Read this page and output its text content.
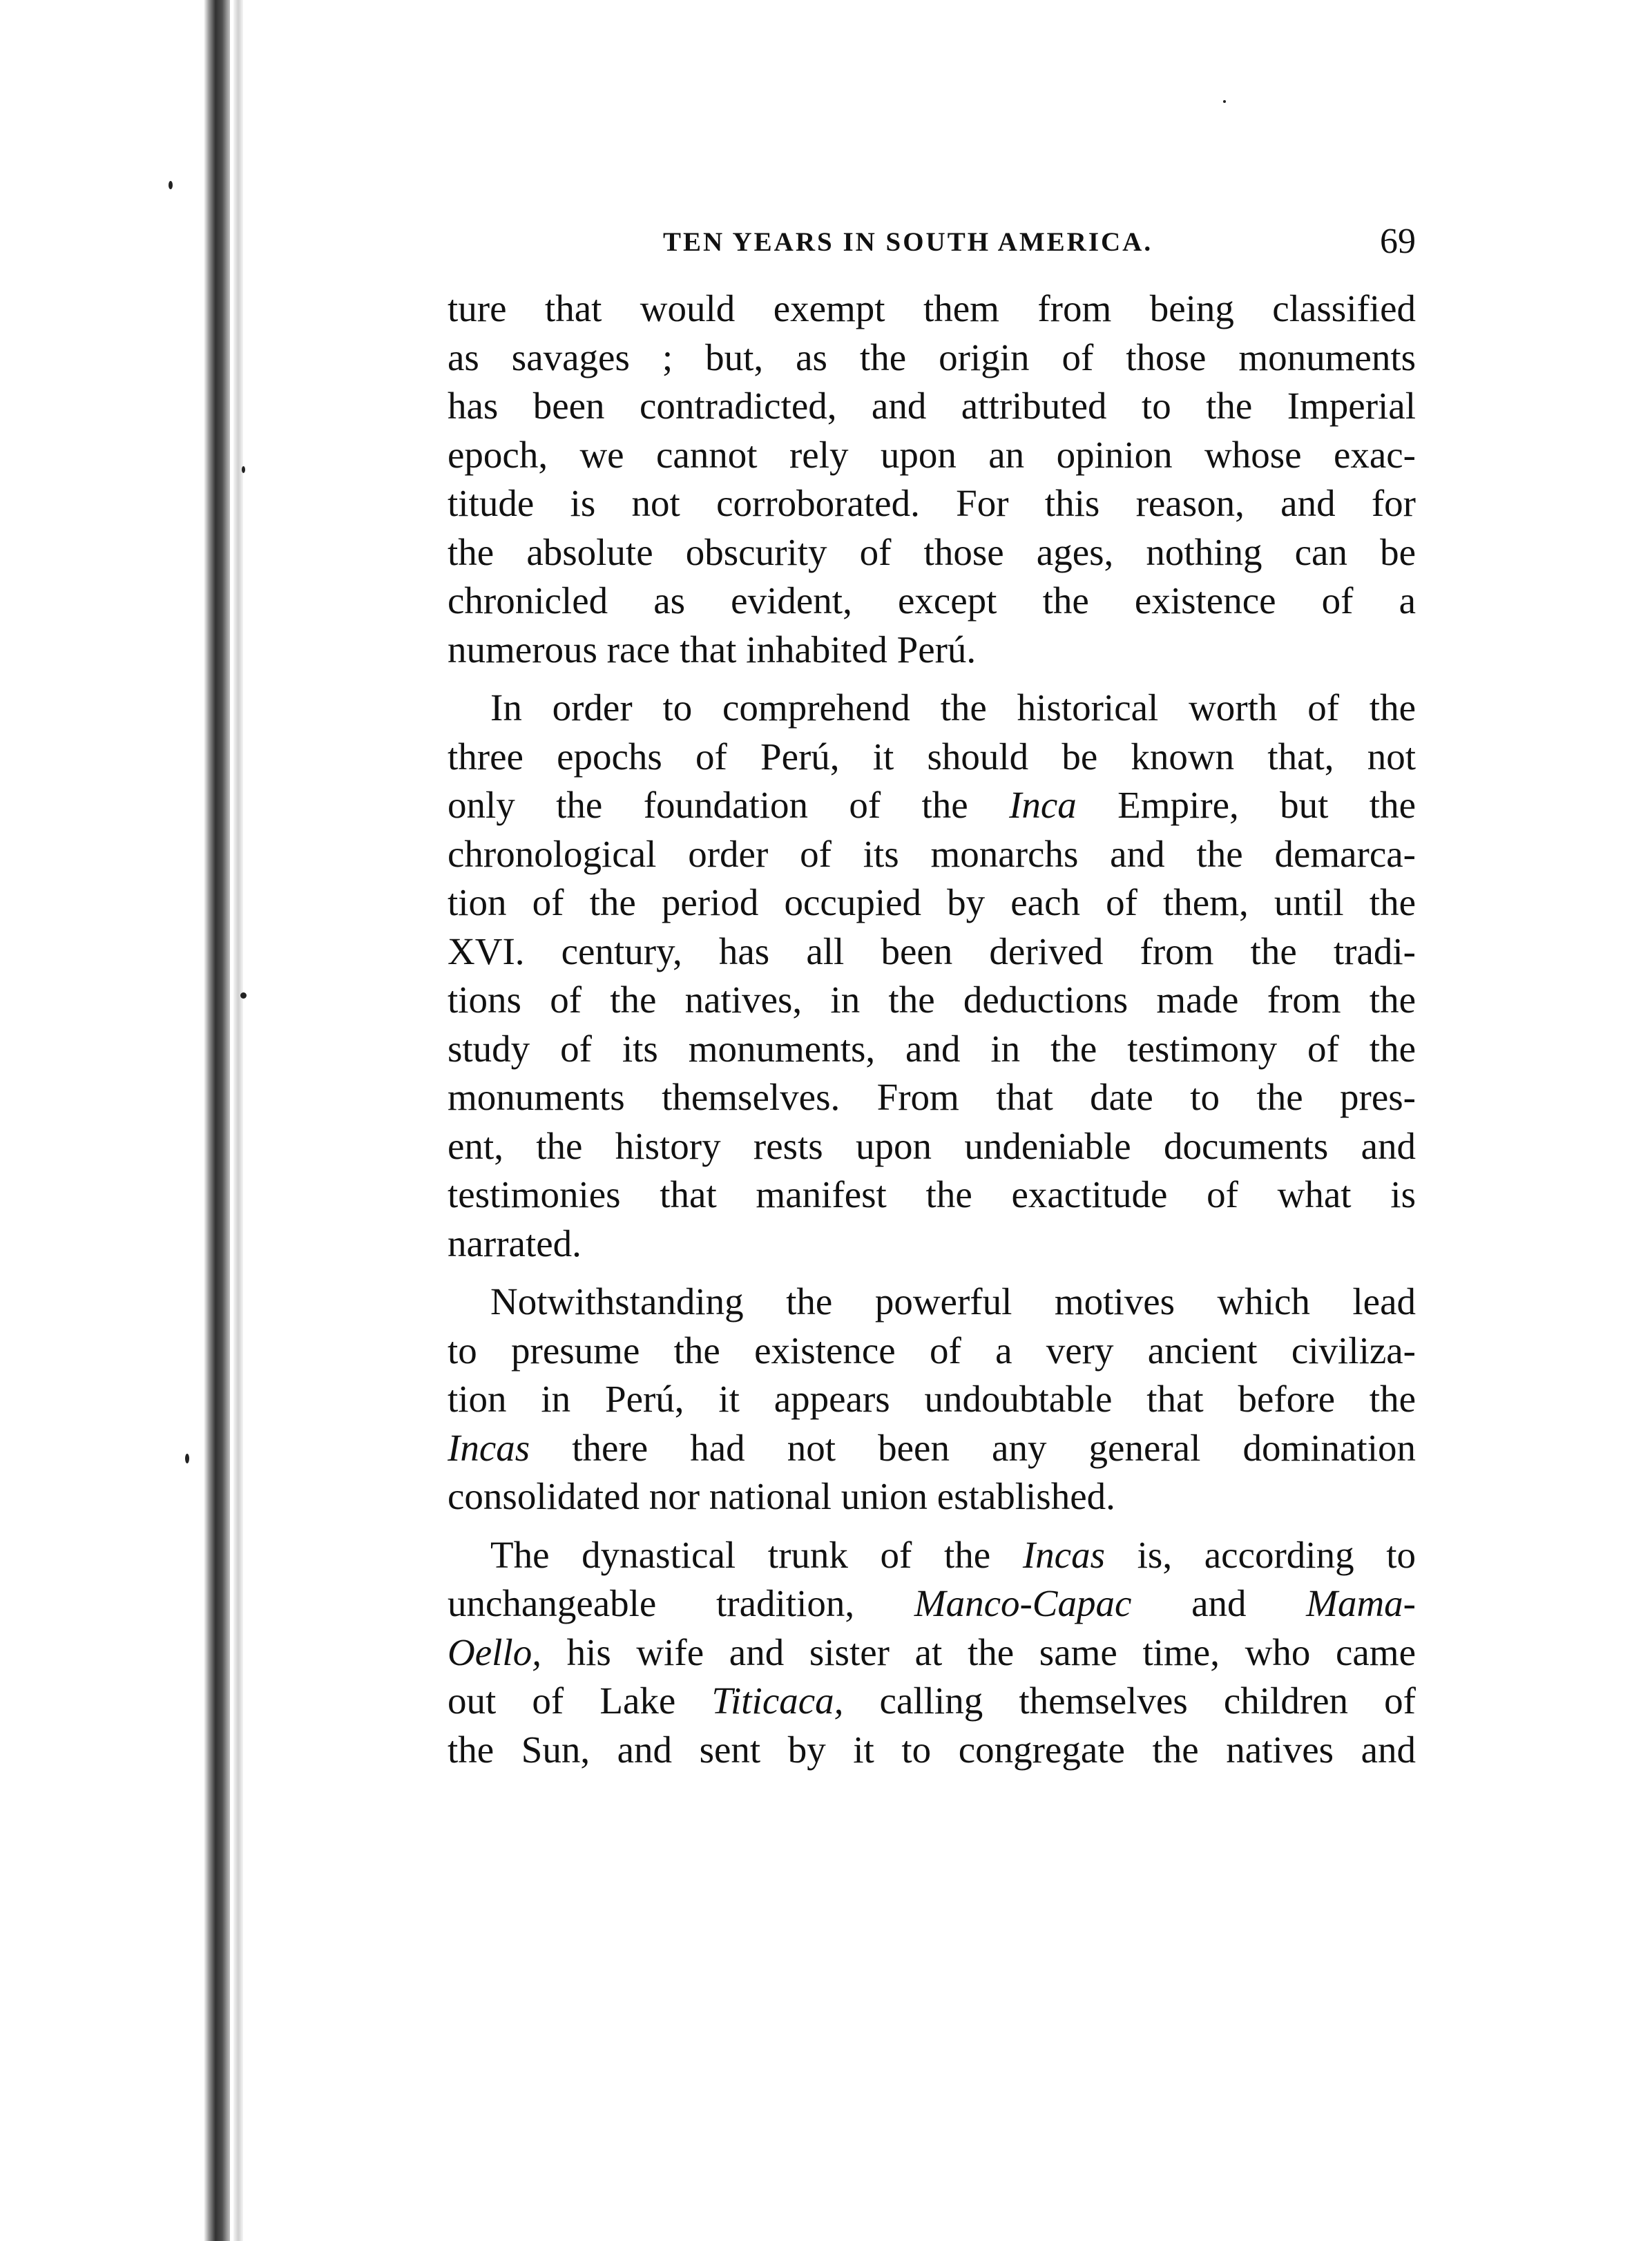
TEN YEARS IN SOUTH AMERICA.	69
ture that would exempt them from being classified
as savages ; but, as the origin of those monuments
has been contradicted, and attributed to the Imperial
epoch, we cannot rely upon an opinion whose exac-
titude is not corroborated. For this reason, and for
the absolute obscurity of those ages, nothing can be
chronicled as evident, except the existence of a
numerous race that inhabited Perú.
In order to comprehend the historical worth of the
three epochs of Perú, it should be known that, not
only the foundation of the Inca Empire, but the
chronological order of its monarchs and the demarca-
tion of the period occupied by each of them, until the
XVI. century, has all been derived from the tradi-
tions of the natives, in the deductions made from the
study of its monuments, and in the testimony of the
monuments themselves. From that date to the pres-
ent, the history rests upon undeniable documents and
testimonies that manifest the exactitude of what is
narrated.
Notwithstanding the powerful motives which lead
to presume the existence of a very ancient civiliza-
tion in Perú, it appears undoubtable that before the
Incas there had not been any general domination
consolidated nor national union established.
The dynastical trunk of the Incas is, according to
unchangeable tradition, Manco-Capac and Mama-
Oello, his wife and sister at the same time, who came
out of Lake Titicaca, calling themselves children of
the Sun, and sent by it to congregate the natives and
